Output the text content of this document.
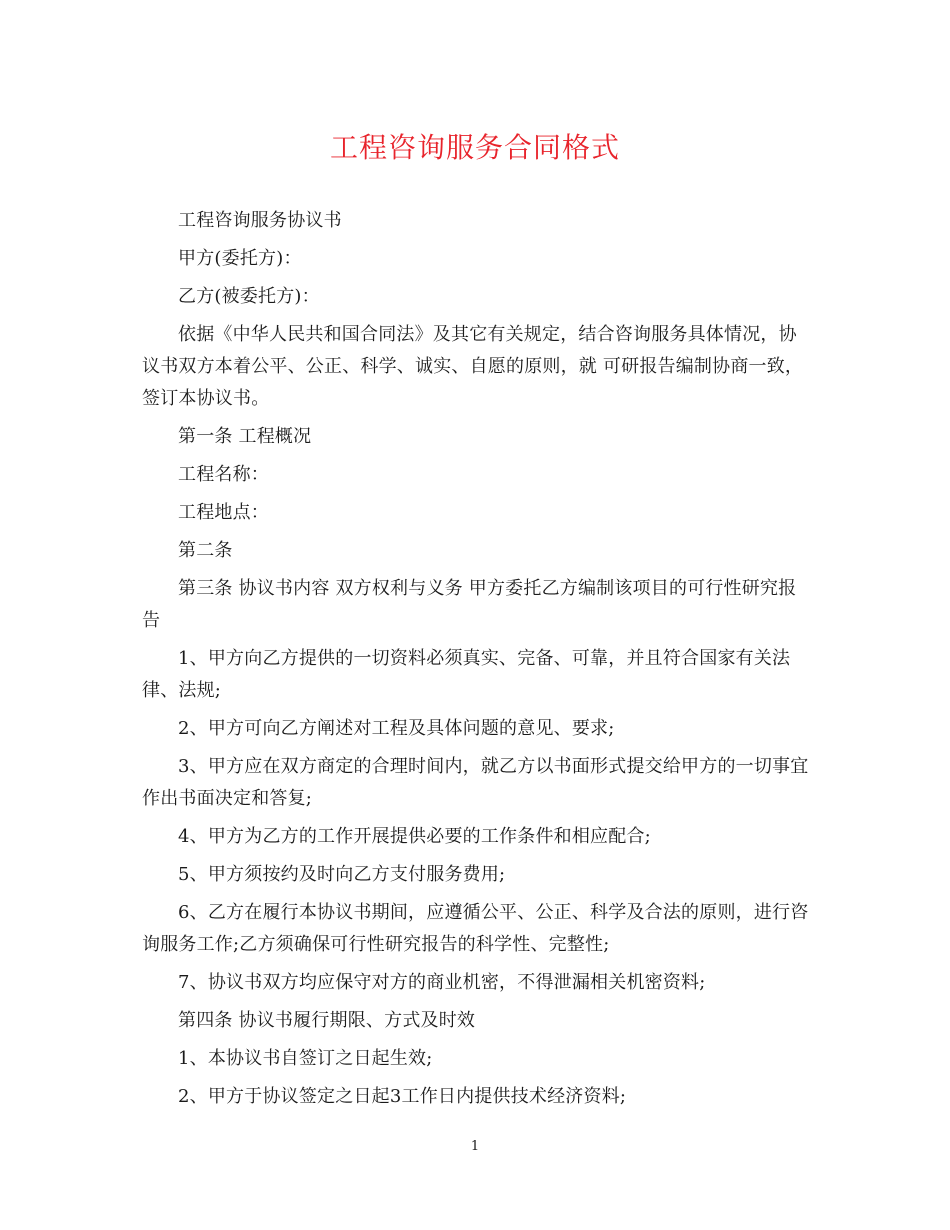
工程咨询服务合同格式

工程咨询服务协议书

甲方(委托方)：

乙方(被委托方)：

依据《中华人民共和国合同法》及其它有关规定，结合咨询服务具体情况，协议书双方本着公平、公正、科学、诚实、自愿的原则，就 可研报告编制协商一致，签订本协议书。

第一条 工程概况

工程名称：

工程地点：

第二条

第三条 协议书内容 双方权利与义务 甲方委托乙方编制该项目的可行性研究报告

1、甲方向乙方提供的一切资料必须真实、完备、可靠，并且符合国家有关法律、法规;

2、甲方可向乙方阐述对工程及具体问题的意见、要求;

3、甲方应在双方商定的合理时间内，就乙方以书面形式提交给甲方的一切事宜作出书面决定和答复;

4、甲方为乙方的工作开展提供必要的工作条件和相应配合;

5、甲方须按约及时向乙方支付服务费用;

6、乙方在履行本协议书期间，应遵循公平、公正、科学及合法的原则，进行咨询服务工作;乙方须确保可行性研究报告的科学性、完整性;

7、协议书双方均应保守对方的商业机密，不得泄漏相关机密资料;

第四条 协议书履行期限、方式及时效

1、本协议书自签订之日起生效;

2、甲方于协议签定之日起3工作日内提供技术经济资料;

1
